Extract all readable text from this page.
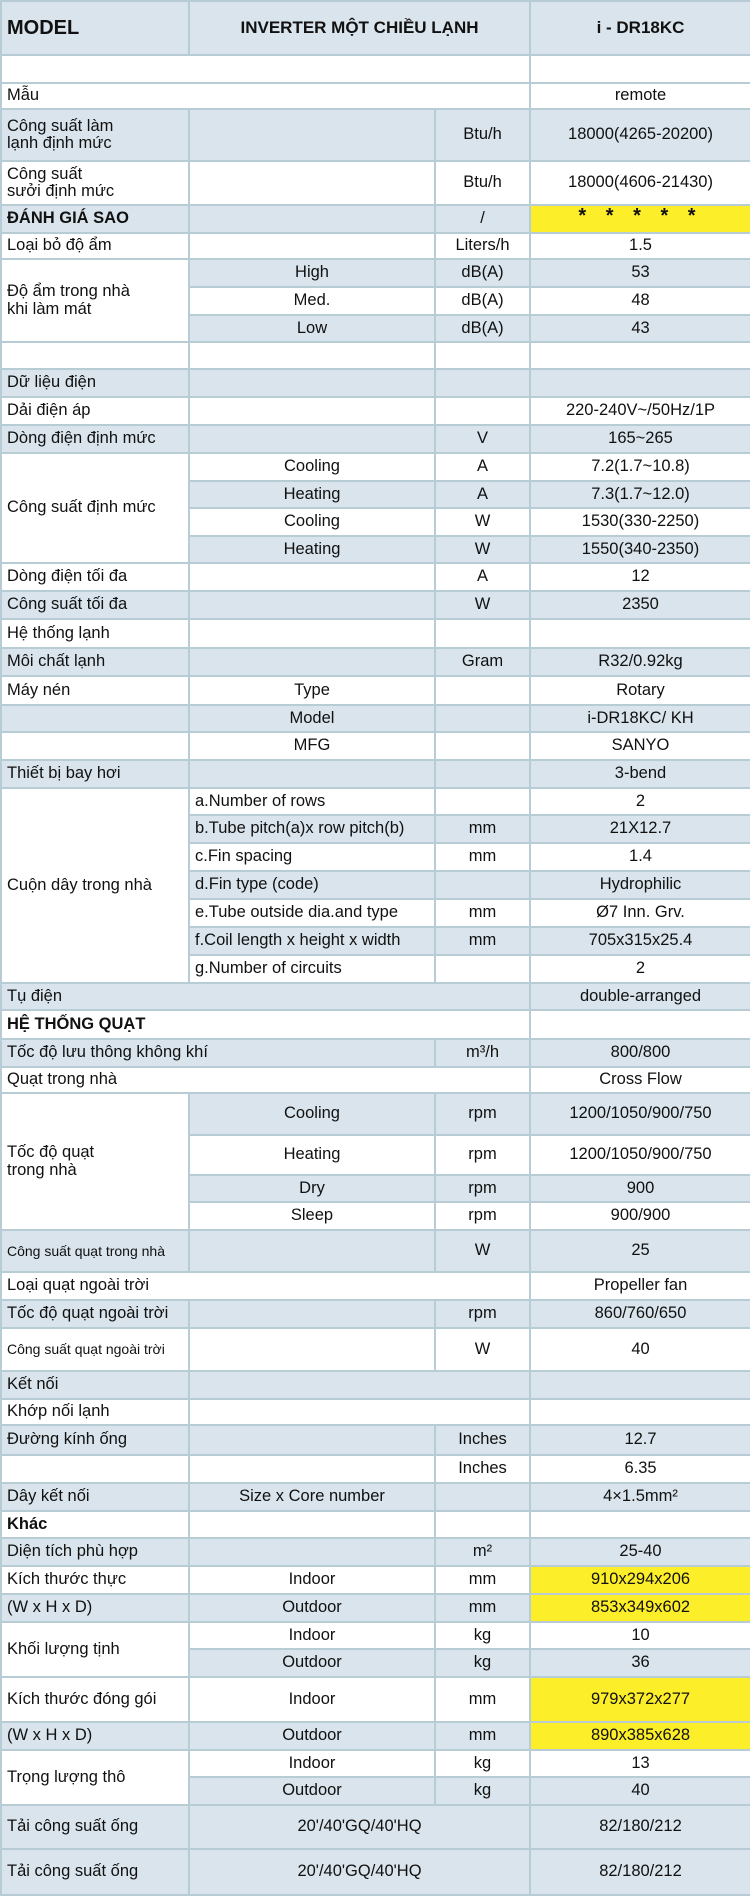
MODEL	INVERTER MỘT CHIỀU LẠNH		i - DR18KC

Mẫu			remote
Công suất làm
lạnh định mức		Btu/h	18000(4265-20200)
Công suất
sưởi định mức		Btu/h	18000(4606-21430)
ĐÁNH GIÁ SAO		/	* * * * *
Loại bỏ độ ẩm		Liters/h	1.5
Độ ẩm trong nhà
khi làm mát	High	dB(A)	53
	Med.	dB(A)	48
	Low	dB(A)	43

Dữ liệu điện			
Dải điện áp			220-240V~/50Hz/1P
Dòng điện định mức		V	165~265
Công suất định mức	Cooling	A	7.2(1.7~10.8)
	Heating	A	7.3(1.7~12.0)
	Cooling	W	1530(330-2250)
	Heating	W	1550(340-2350)
Dòng điện tối đa		A	12
Công suất tối đa		W	2350
Hệ thống lạnh			
Môi chất lạnh		Gram	R32/0.92kg
Máy nén	Type		Rotary
	Model		i-DR18KC/ KH
	MFG		SANYO
Thiết bị bay hơi			3-bend
Cuộn dây trong nhà	a.Number of rows		2
	b.Tube pitch(a)x row pitch(b)	mm	21X12.7
	c.Fin spacing	mm	1.4
	d.Fin type (code)		Hydrophilic
	e.Tube outside dia.and type	mm	Ø7 Inn. Grv.
	f.Coil length x height x width	mm	705x315x25.4
	g.Number of circuits		2
Tụ điện			double-arranged
HỆ THỐNG QUẠT			
Tốc độ lưu thông không khí		m³/h	800/800
Quạt trong nhà			Cross Flow
Tốc độ quạt
trong nhà	Cooling	rpm	1200/1050/900/750
	Heating	rpm	1200/1050/900/750
	Dry	rpm	900
	Sleep	rpm	900/900
Công suất quạt trong nhà		W	25
Loại quạt ngoài trời			Propeller fan
Tốc độ quạt ngoài trời		rpm	860/760/650
Công suất quạt ngoài trời		W	40
Kết nối			
Khớp nối lạnh			
Đường kính ống		Inches	12.7
		Inches	6.35
Dây kết nối	Size x Core number		4×1.5mm²
Khác			
Diện tích phù hợp		m²	25-40
Kích thước thực	Indoor	mm	910x294x206
(W x H x D)	Outdoor	mm	853x349x602
Khối lượng tịnh	Indoor	kg	10
	Outdoor	kg	36
Kích thước đóng gói	Indoor	mm	979x372x277
(W x H x D)	Outdoor	mm	890x385x628
Trọng lượng thô	Indoor	kg	13
	Outdoor	kg	40
Tải công suất ống	20'/40'GQ/40'HQ		82/180/212
Tải công suất ống	20'/40'GQ/40'HQ		82/180/212
